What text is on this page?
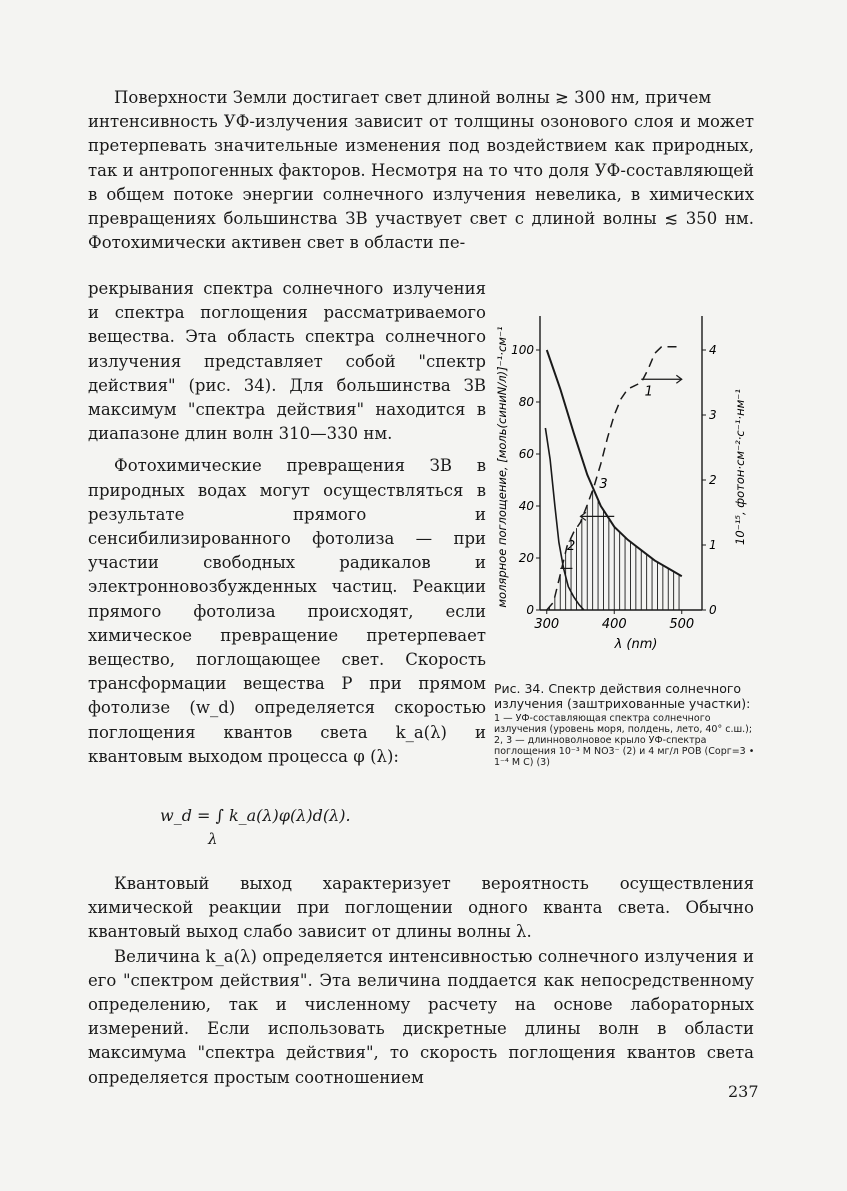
Поверхности Земли достигает свет длиной волны ≳ 300 нм, причем

интенсивность УФ-излучения зависит от толщины озонового слоя и может претерпевать значительные изменения под воздействием как природных, так и антропогенных факторов. Несмотря на то что доля УФ-составляющей в общем потоке энергии солнечного излучения невелика, в химических превращениях большинства ЗВ участвует свет с длиной волны ≲ 350 нм. Фотохимически активен свет в области пе-

рекрывания спектра солнечного излучения и спектра поглощения рассматриваемого вещества. Эта область спектра солнечного излучения представляет собой "спектр действия" (рис. 34). Для большинства ЗВ максимум "спектра действия" находится в диапазоне длин волн 310—330 нм.

Фотохимические превращения ЗВ в природных водах могут осуществляться в результате прямого и сенсибилизированного фотолиза — при участии свободных радикалов и электронновозбужденных частиц. Реакции прямого фотолиза происходят, если химическое превращение претерпевает вещество, поглощающее свет. Скорость трансформации вещества Р при прямом фотолизе (w_d) определяется скоростью поглощения квантов света k_a(λ) и квантовым выходом процесса φ (λ):

w_d = ∫ k_a(λ)φ(λ)d(λ).
λ

Квантовый выход характеризует вероятность осуществления химической реакции при поглощении одного кванта света. Обычно квантовый выход слабо зависит от длины волны λ.

Величина k_a(λ) определяется интенсивностью солнечного излучения и его "спектром действия". Эта величина поддается как непосредственному определению, так и численному расчету на основе лабораторных измерений. Если использовать дискретные длины волн в области максимума "спектра действия", то скорость поглощения квантов света определяется простым соотношением

237
0
20
40
60
80
100
0
1
2
3
4
300	400	500
1
2
3
молярное поглощение, [моль(синиN/л)]⁻¹·см⁻¹	10⁻¹⁵, фотон·см⁻²·с⁻¹·нм⁻¹
λ (nm)
Рис. 34. Спектр действия солнечного излучения (заштрихованные участки):
1 — УФ-составляющая спектра солнечного излучения (уровень моря, полдень, лето, 40° с.ш.); 2, 3 — длинноволновое крыло УФ-спектра поглощения 10⁻³ M NO3⁻ (2) и 4 мг/л РОВ (Сорг=3 • 1⁻⁴ M C) (3)
